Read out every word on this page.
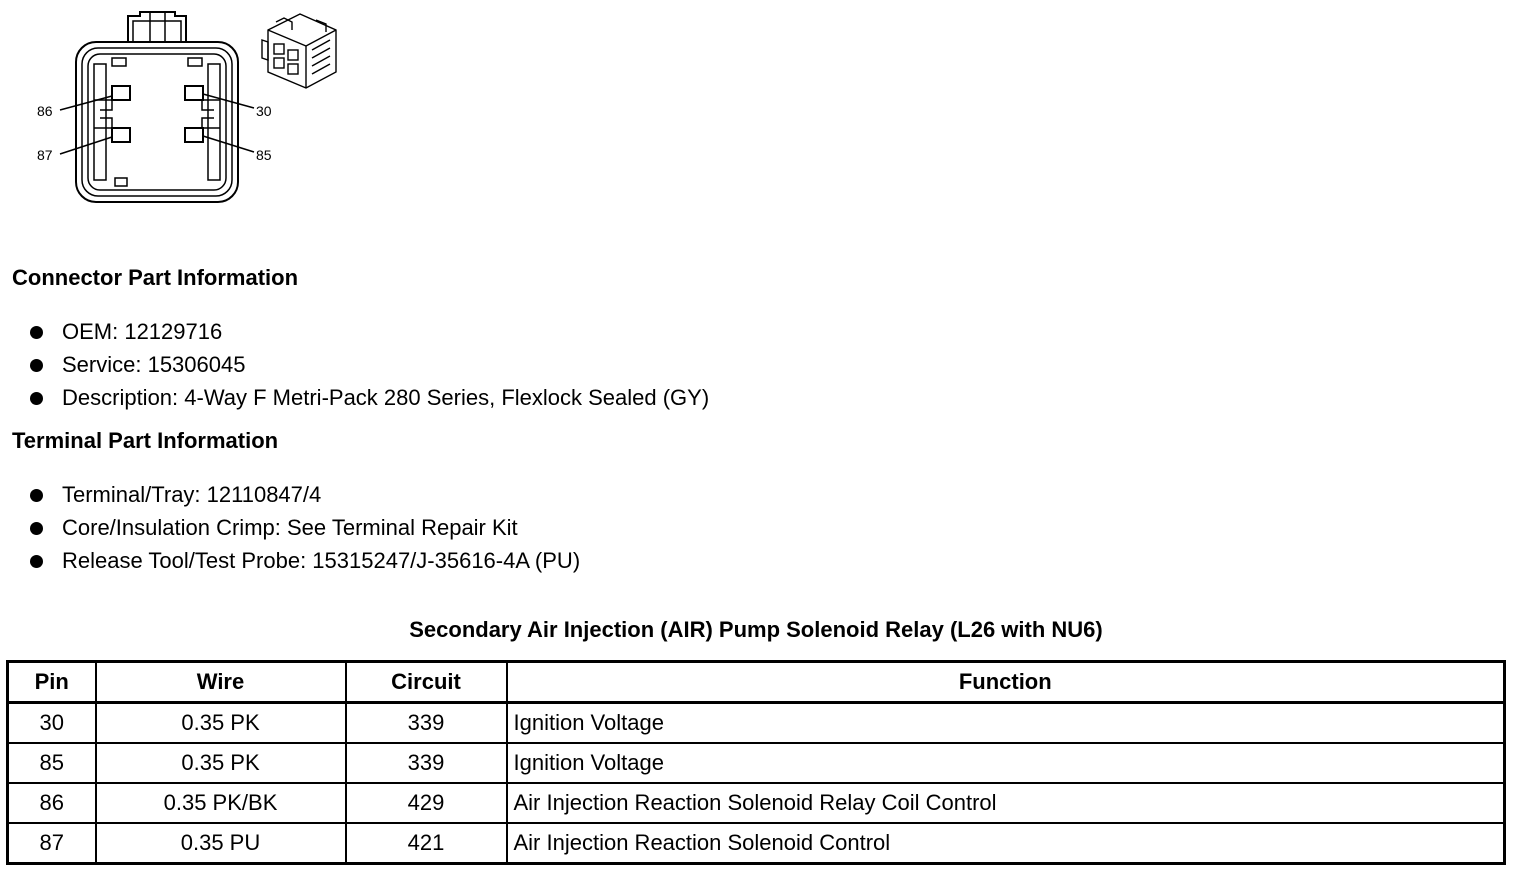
86
87
30
85
Connector Part Information
OEM: 12129716
Service: 15306045
Description: 4-Way F Metri-Pack 280 Series, Flexlock Sealed (GY)
Terminal Part Information
Terminal/Tray: 12110847/4
Core/Insulation Crimp: See Terminal Repair Kit
Release Tool/Test Probe: 15315247/J-35616-4A (PU)
Secondary Air Injection (AIR) Pump Solenoid Relay (L26 with NU6)
Pin	Wire	Circuit	Function
30	0.35 PK	339	Ignition Voltage
85	0.35 PK	339	Ignition Voltage
86	0.35 PK/BK	429	Air Injection Reaction Solenoid Relay Coil Control
87	0.35 PU	421	Air Injection Reaction Solenoid Control
